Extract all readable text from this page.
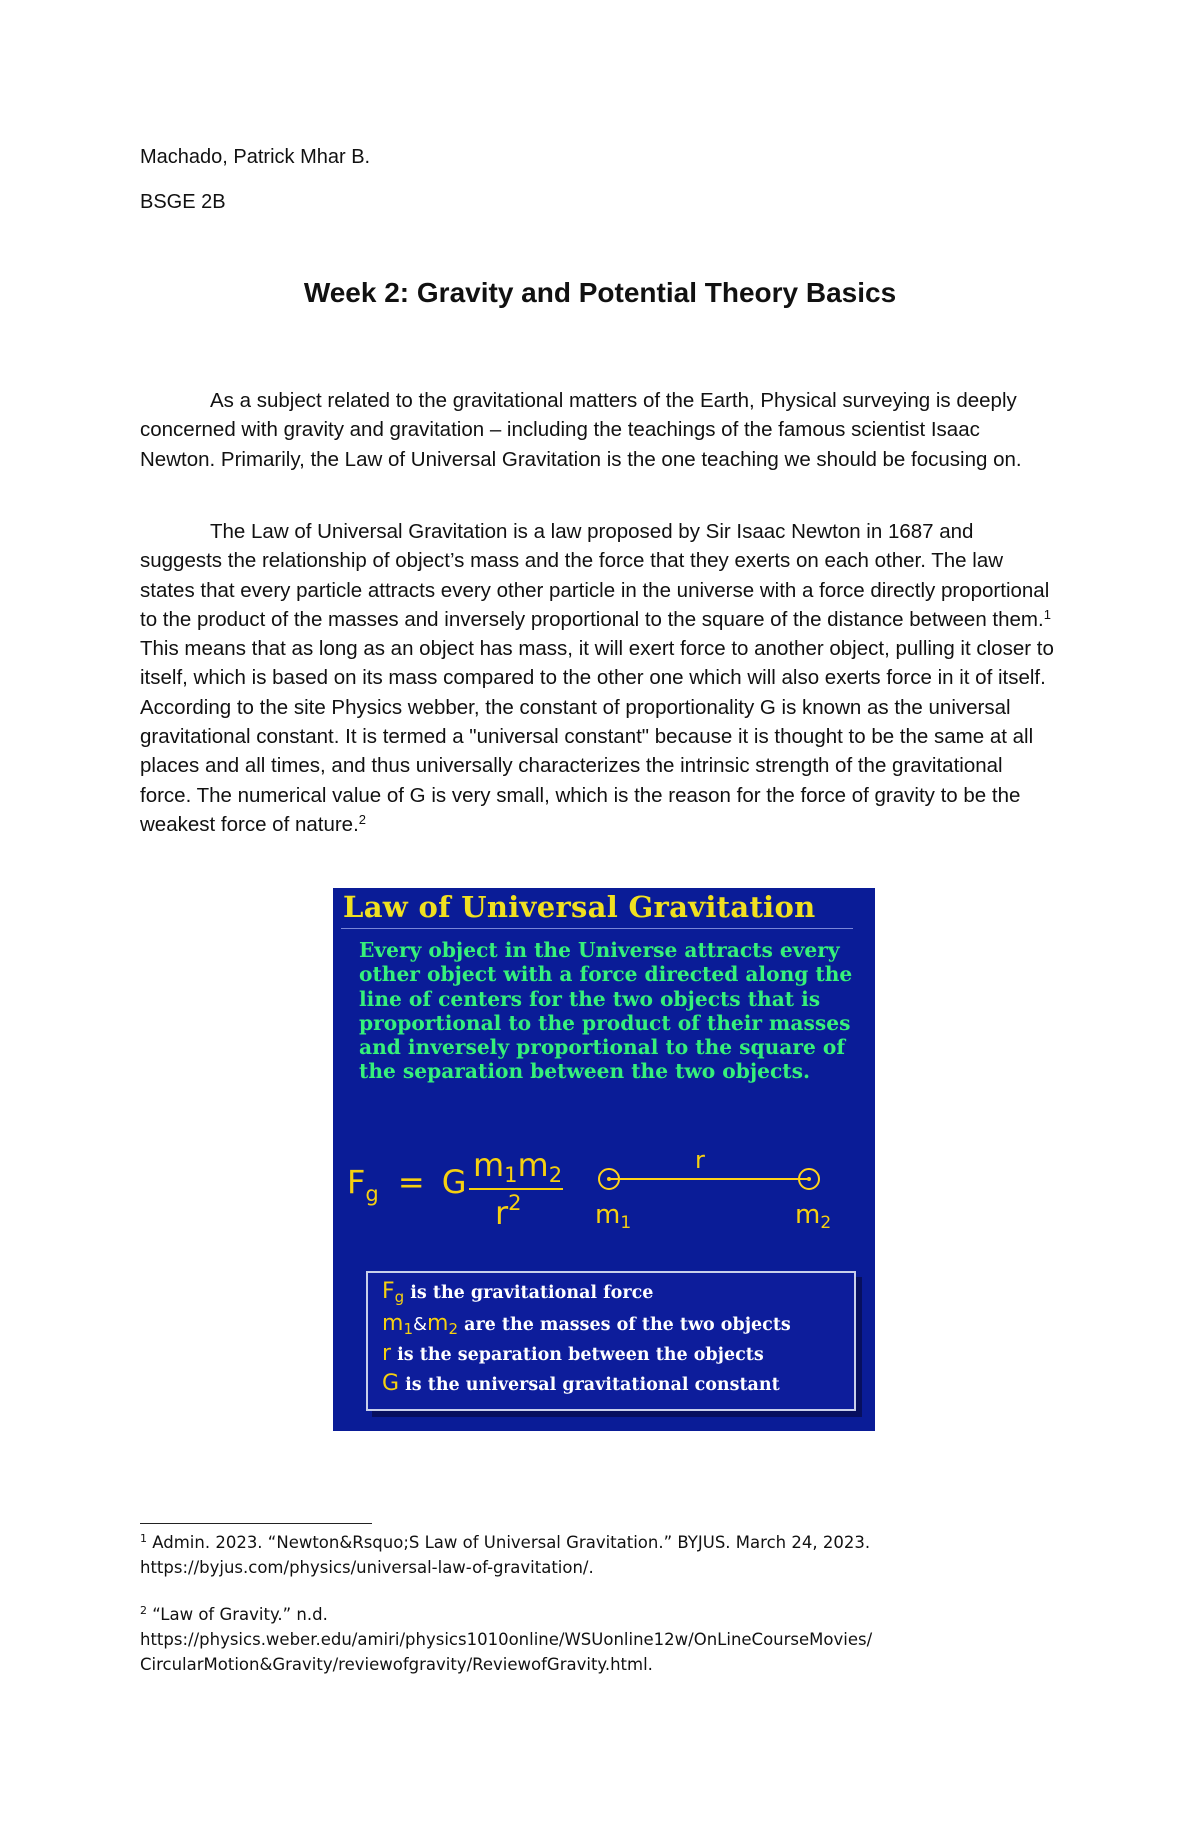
Machado, Patrick Mhar B.
BSGE 2B
Week 2: Gravity and Potential Theory Basics
As a subject related to the gravitational matters of the Earth, Physical surveying is deeply concerned with gravity and gravitation – including the teachings of the famous scientist Isaac Newton. Primarily, the Law of Universal Gravitation is the one teaching we should be focusing on.
The Law of Universal Gravitation is a law proposed by Sir Isaac Newton in 1687 and suggests the relationship of object’s mass and the force that they exerts on each other. The law states that every particle attracts every other particle in the universe with a force directly proportional to the product of the masses and inversely proportional to the square of the distance between them.$^1$ This means that as long as an object has mass, it will exert force to another object, pulling it closer to itself, which is based on its mass compared to the other one which will also exerts force in it of itself. According to the site Physics webber, the constant of proportionality G is known as the universal gravitational constant. It is termed a "universal constant" because it is thought to be the same at all places and all times, and thus universally characterizes the intrinsic strength of the gravitational force. The numerical value of G is very small, which is the reason for the force of gravity to be the weakest force of nature.$^2$
Law of Universal Gravitation
Every object in the Universe attracts every other object with a force directed along the line of centers for the two objects that is proportional to the product of their masses and inversely proportional to the square of the separation between the two objects.
Fg = G m1m2
r2
r
m1	m2
Fg is the gravitational force
m1&m2 are the masses of the two objects
r is the separation between the objects
G is the universal gravitational constant
$^1$ Admin. 2023. “Newton&Rsquo;S Law of Universal Gravitation.” BYJUS. March 24, 2023.
https://byjus.com/physics/universal-law-of-gravitation/.
$^2$ “Law of Gravity.” n.d.
https://physics.weber.edu/amiri/physics1010online/WSUonline12w/OnLineCourseMovies/
CircularMotion&Gravity/reviewofgravity/ReviewofGravity.html.
